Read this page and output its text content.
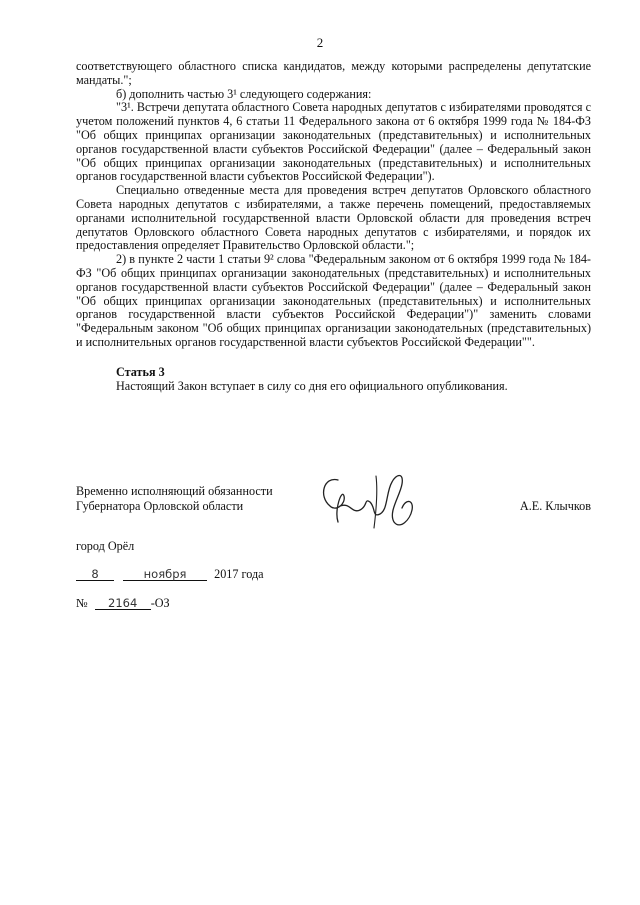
2

соответствующего областного списка кандидатов, между которыми распределены депутатские мандаты.";

б) дополнить частью 3¹ следующего содержания:

"3¹. Встречи депутата областного Совета народных депутатов с избирателями проводятся с учетом положений пунктов 4, 6 статьи 11 Федерального закона от 6 октября 1999 года № 184-ФЗ "Об общих принципах организации законодательных (представительных) и исполнительных органов государственной власти субъектов Российской Федерации" (далее – Федеральный закон "Об общих принципах организации законодательных (представительных) и исполнительных органов государственной власти субъектов Российской Федерации").

Специально отведенные места для проведения встреч депутатов Орловского областного Совета народных депутатов с избирателями, а также перечень помещений, предоставляемых органами исполнительной государственной власти Орловской области для проведения встреч депутатов Орловского областного Совета народных депутатов с избирателями, и порядок их предоставления определяет Правительство Орловской области.";

2) в пункте 2 части 1 статьи 9² слова "Федеральным законом от 6 октября 1999 года № 184-ФЗ "Об общих принципах организации законодательных (представительных) и исполнительных органов государственной власти субъектов Российской Федерации" (далее – Федеральный закон "Об общих принципах организации законодательных (представительных) и исполнительных органов государственной власти субъектов Российской Федерации")" заменить словами "Федеральным законом "Об общих принципах организации законодательных (представительных) и исполнительных органов государственной власти субъектов Российской Федерации"".

Статья 3

Настоящий Закон вступает в силу со дня его официального опубликования.

Временно исполняющий обязанности
Губернатора Орловской области	А.Е. Клычков
город Орёл
8	ноября 2017 года
№ 2164 -ОЗ
